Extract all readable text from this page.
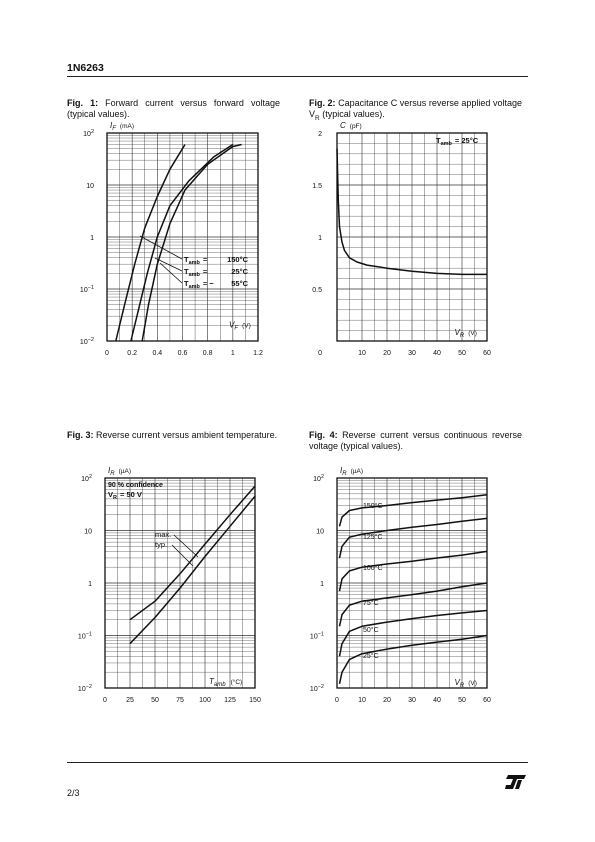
1N6263
Fig. 1: Forward current versus forward voltage (typical values).
Fig. 2: Capacitance C versus reverse applied voltage $V_R$ (typical values).
Fig. 3: Reverse current versus ambient temperature.	Fig. 4: Reverse current versus continuous reverse voltage (typical values).
$10^2$
10
1
$10^{-1}$
$10^{-2}$
0	0.2 0.4 0.6 0.8	1	1.2
$I_F$ $^{(mA)}$
$V_F$ $^{(V)}$
$T_{amb}$ =	150°C
$T_{amb}$ =	25°C
$T_{amb}$ = − 55°C
2
1.5
1
0.5
0	10 20 30 40 50 60
C (pF)
$V_R$ $^{(V)}$
$T_{amb} = 25^\circ C$
$10^2$
10
1
$10^{-1}$
$10^{-2}$
0	25 50 75 100 125 150
$I_R$ $^{(\mu A)}$
$T_{amb}$ $^{(^\circ C)}$
90 % confidence
$V_R = 50$ V
max.
typ.
$10^2$
10
1
$10^{-1}$
$10^{-2}$
0	10 20 30 40 50 60
$I_R$ $^{(\mu A)}$
$V_R$ $^{(V)}$
150°C
125°C
100°C
75°C
50°C
25°C
2/3
